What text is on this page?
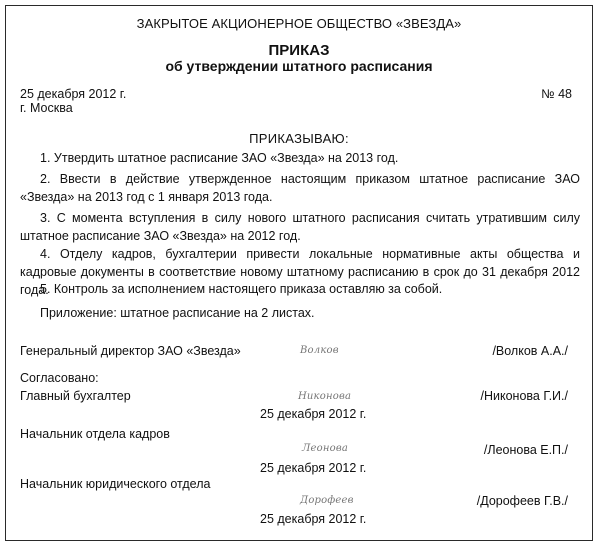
ЗАКРЫТОЕ АКЦИОНЕРНОЕ ОБЩЕСТВО «ЗВЕЗДА»
ПРИКАЗ
об утверждении штатного расписания
25 декабря 2012 г.	№ 48
г. Москва
ПРИКАЗЫВАЮ:
1. Утвердить штатное расписание ЗАО «Звезда» на 2013 год.
2. Ввести в действие утвержденное настоящим приказом штатное расписание ЗАО «Звезда» на 2013 год с 1 января 2013 года.
3. С момента вступления в силу нового штатного расписания считать утратившим силу штатное расписание ЗАО «Звезда» на 2012 год.
4. Отделу кадров, бухгалтерии привести локальные нормативные акты общества и кадровые документы в соответствие новому штатному расписанию в срок до 31 декабря 2012 года.
5. Контроль за исполнением настоящего приказа оставляю за собой.
Приложение: штатное расписание на 2 листах.
Генеральный директор ЗАО «Звезда»	Волков	/Волков А.А./
Согласовано:
Главный бухгалтер	Никонова	/Никонова Г.И./
25 декабря 2012 г.
Начальник отдела кадров
Леонова	/Леонова Е.П./
25 декабря 2012 г.
Начальник юридического отдела
Дорофеев	/Дорофеев Г.В./
25 декабря 2012 г.
